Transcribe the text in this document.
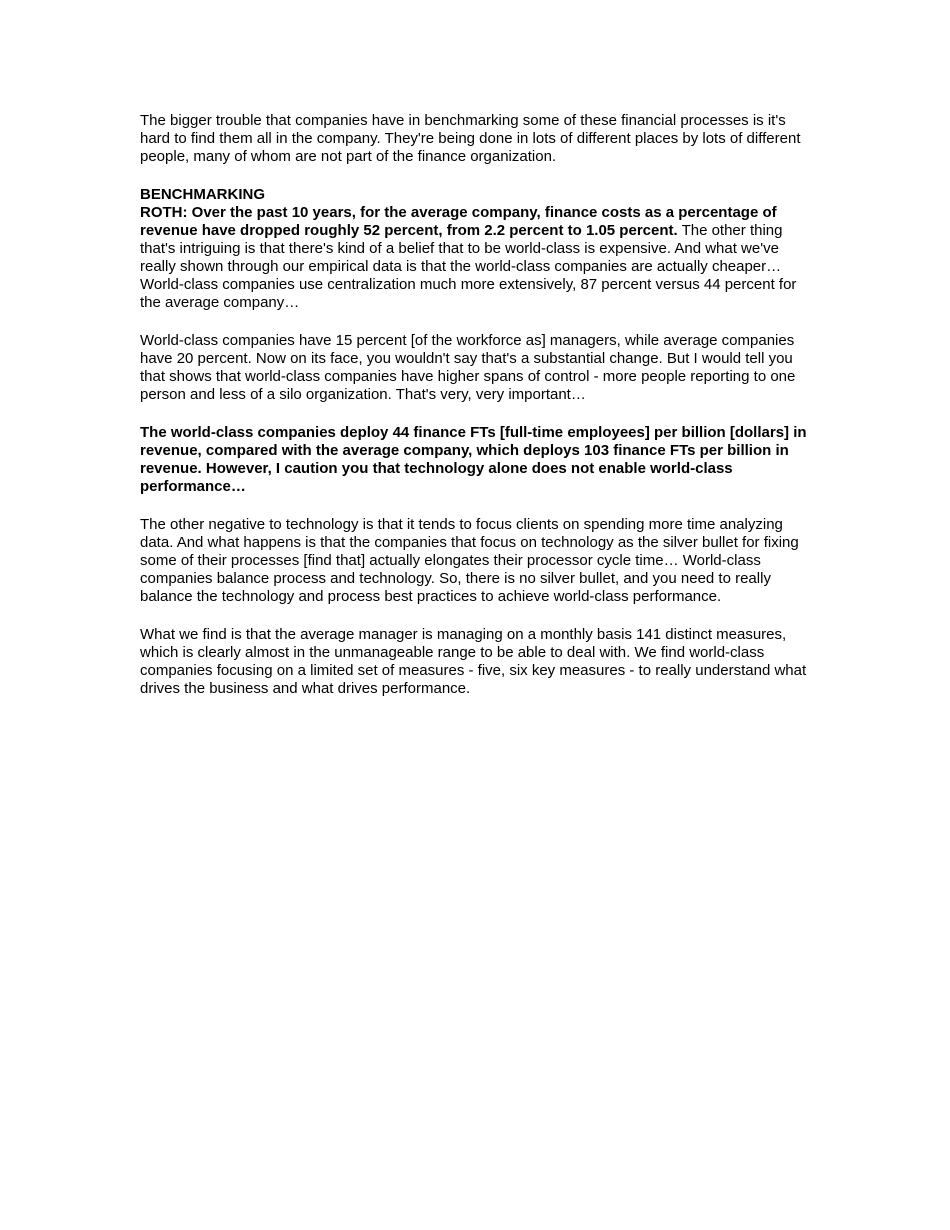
The bigger trouble that companies have in benchmarking some of these financial processes is it's hard to find them all in the company. They're being done in lots of different places by lots of different people, many of whom are not part of the finance organization.

BENCHMARKING

ROTH: Over the past 10 years, for the average company, finance costs as a percentage of revenue have dropped roughly 52 percent, from 2.2 percent to 1.05 percent. The other thing that's intriguing is that there's kind of a belief that to be world-class is expensive. And what we've really shown through our empirical data is that the world-class companies are actually cheaper… World-class companies use centralization much more extensively, 87 percent versus 44 percent for the average company…

World-class companies have 15 percent [of the workforce as] managers, while average companies have 20 percent. Now on its face, you wouldn't say that's a substantial change. But I would tell you that shows that world-class companies have higher spans of control - more people reporting to one person and less of a silo organization. That's very, very important…

The world-class companies deploy 44 finance FTs [full-time employees] per billion [dollars] in revenue, compared with the average company, which deploys 103 finance FTs per billion in revenue. However, I caution you that technology alone does not enable world-class performance…

The other negative to technology is that it tends to focus clients on spending more time analyzing data. And what happens is that the companies that focus on technology as the silver bullet for fixing some of their processes [find that] actually elongates their processor cycle time… World-class companies balance process and technology. So, there is no silver bullet, and you need to really balance the technology and process best practices to achieve world-class performance.

What we find is that the average manager is managing on a monthly basis 141 distinct measures, which is clearly almost in the unmanageable range to be able to deal with. We find world-class companies focusing on a limited set of measures - five, six key measures - to really understand what drives the business and what drives performance.
